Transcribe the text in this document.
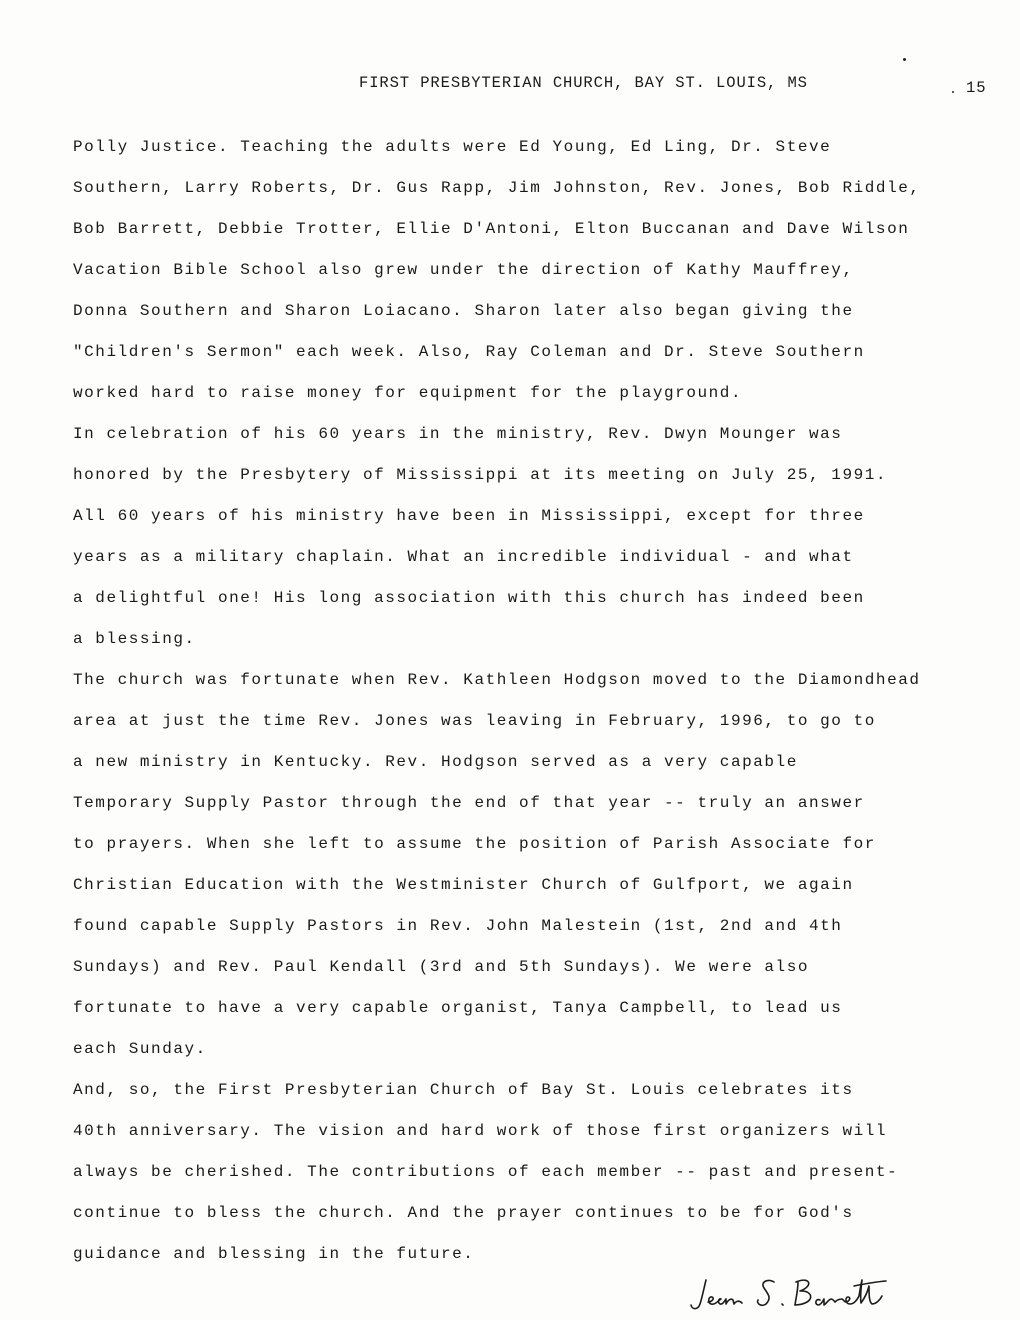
FIRST PRESBYTERIAN CHURCH, BAY ST. LOUIS, MS	15
Polly Justice. Teaching the adults were Ed Young, Ed Ling, Dr. Steve
Southern, Larry Roberts, Dr. Gus Rapp, Jim Johnston, Rev. Jones, Bob Riddle,
Bob Barrett, Debbie Trotter, Ellie D'Antoni, Elton Buccanan and Dave Wilson
Vacation Bible School also grew under the direction of Kathy Mauffrey,
Donna Southern and Sharon Loiacano. Sharon later also began giving the
"Children's Sermon" each week. Also, Ray Coleman and Dr. Steve Southern
worked hard to raise money for equipment for the playground.
In celebration of his 60 years in the ministry, Rev. Dwyn Mounger was
honored by the Presbytery of Mississippi at its meeting on July 25, 1991.
All 60 years of his ministry have been in Mississippi, except for three
years as a military chaplain. What an incredible individual - and what
a delightful one! His long association with this church has indeed been
a blessing.
The church was fortunate when Rev. Kathleen Hodgson moved to the Diamondhead
area at just the time Rev. Jones was leaving in February, 1996, to go to
a new ministry in Kentucky. Rev. Hodgson served as a very capable
Temporary Supply Pastor through the end of that year -- truly an answer
to prayers. When she left to assume the position of Parish Associate for
Christian Education with the Westminister Church of Gulfport, we again
found capable Supply Pastors in Rev. John Malestein (1st, 2nd and 4th
Sundays) and Rev. Paul Kendall (3rd and 5th Sundays). We were also
fortunate to have a very capable organist, Tanya Campbell, to lead us
each Sunday.
And, so, the First Presbyterian Church of Bay St. Louis celebrates its
40th anniversary. The vision and hard work of those first organizers will
always be cherished. The contributions of each member -- past and present-
continue to bless the church. And the prayer continues to be for God's
guidance and blessing in the future.
